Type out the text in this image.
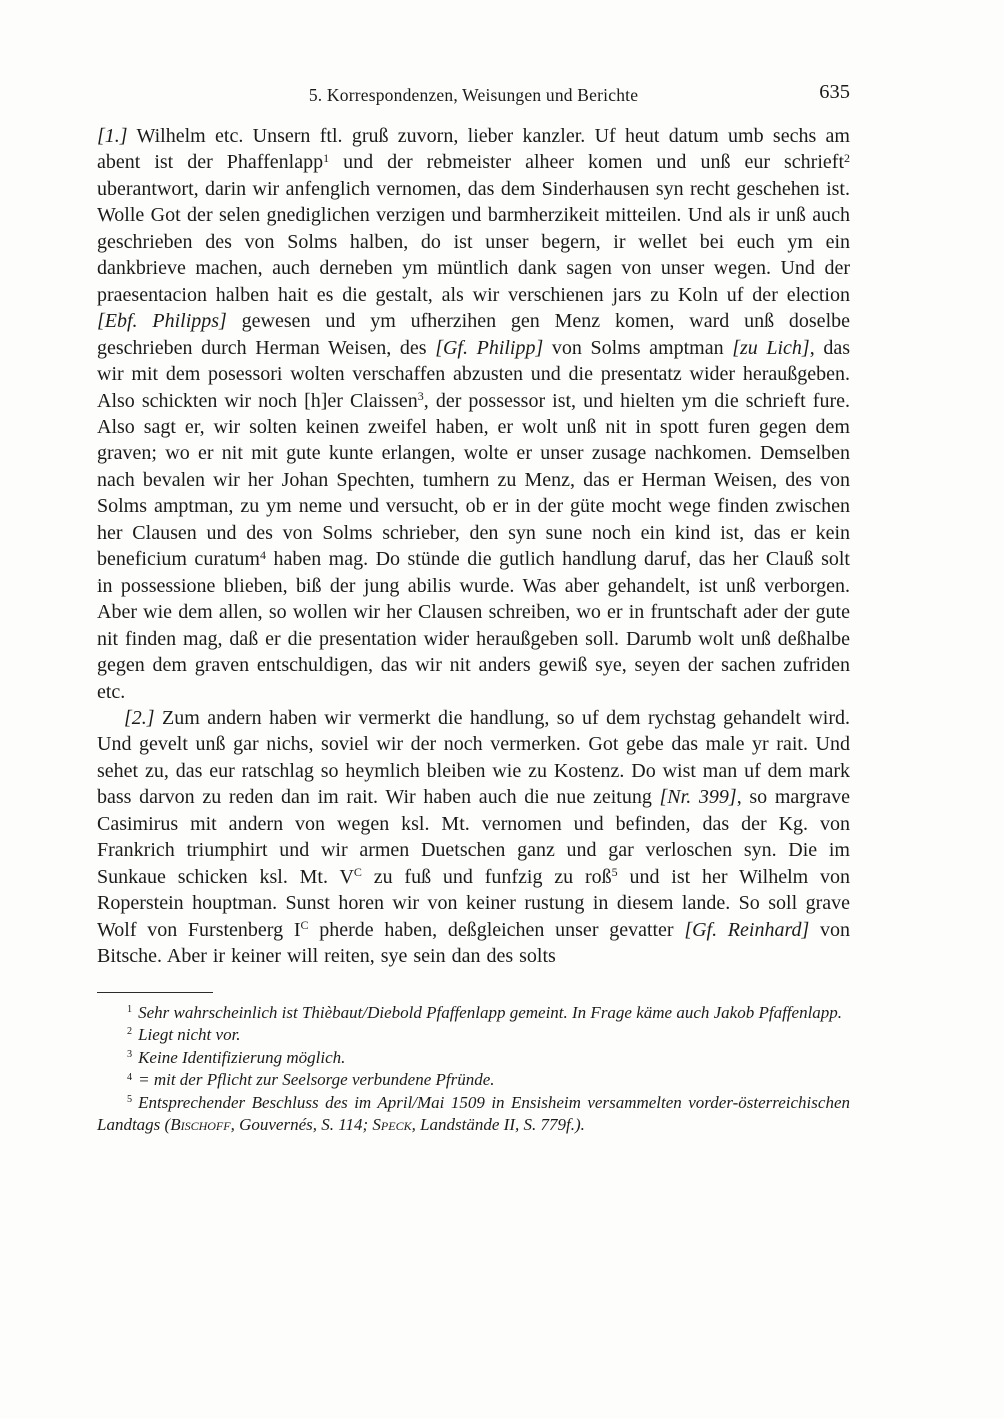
5. Korrespondenzen, Weisungen und Berichte	635

[1.] Wilhelm etc. Unsern ftl. gruß zuvorn, lieber kanzler. Uf heut datum umb sechs am abent ist der Phaffenlapp$^1$ und der rebmeister alheer komen und unß eur schrieft$^2$ uberantwort, darin wir anfenglich vernomen, das dem Sinderhausen syn recht geschehen ist. Wolle Got der selen gnediglichen verzigen und barmherzikeit mitteilen. Und als ir unß auch geschrieben des von Solms halben, do ist unser begern, ir wellet bei euch ym ein dankbrieve machen, auch derneben ym müntlich dank sagen von unser wegen. Und der praesentacion halben hait es die gestalt, als wir verschienen jars zu Koln uf der election [Ebf. Philipps] gewesen und ym ufherzihen gen Menz komen, ward unß doselbe geschrieben durch Herman Weisen, des [Gf. Philipp] von Solms amptman [zu Lich], das wir mit dem posessori wolten verschaffen abzusten und die presentatz wider heraußgeben. Also schickten wir noch [h]er Claissen$^3$, der possessor ist, und hielten ym die schrieft fure. Also sagt er, wir solten keinen zweifel haben, er wolt unß nit in spott furen gegen dem graven; wo er nit mit gute kunte erlangen, wolte er unser zusage nachkomen. Demselben nach bevalen wir her Johan Spechten, tumhern zu Menz, das er Herman Weisen, des von Solms amptman, zu ym neme und versucht, ob er in der güte mocht wege finden zwischen her Clausen und des von Solms schrieber, den syn sune noch ein kind ist, das er kein beneficium curatum$^4$ haben mag. Do stünde die gutlich handlung daruf, das her Clauß solt in possessione blieben, biß der jung abilis wurde. Was aber gehandelt, ist unß verborgen. Aber wie dem allen, so wollen wir her Clausen schreiben, wo er in fruntschaft ader der gute nit finden mag, daß er die presentation wider heraußgeben soll. Darumb wolt unß deßhalbe gegen dem graven entschuldigen, das wir nit anders gewiß sye, seyen der sachen zufriden etc.

[2.] Zum andern haben wir vermerkt die handlung, so uf dem rychstag gehandelt wird. Und gevelt unß gar nichs, soviel wir der noch vermerken. Got gebe das male yr rait. Und sehet zu, das eur ratschlag so heymlich bleiben wie zu Kostenz. Do wist man uf dem mark bass darvon zu reden dan im rait. Wir haben auch die nue zeitung [Nr. 399], so margrave Casimirus mit andern von wegen ksl. Mt. vernomen und befinden, das der Kg. von Frankrich triumphirt und wir armen Duetschen ganz und gar verloschen syn. Die im Sunkaue schicken ksl. Mt. $V^C$ zu fuß und funfzig zu roß$^5$ und ist her Wilhelm von Roperstein houptman. Sunst horen wir von keiner rustung in diesem lande. So soll grave Wolf von Furstenberg $I^C$ pherde haben, deßgleichen unser gevatter [Gf. Reinhard] von Bitsche. Aber ir keiner will reiten, sye sein dan des solts

$^1$ Sehr wahrscheinlich ist Thièbaut/Diebold Pfaffenlapp gemeint. In Frage käme auch Jakob Pfaffenlapp.

$^2$ Liegt nicht vor.

$^3$ Keine Identifizierung möglich.

$^4$ = mit der Pflicht zur Seelsorge verbundene Pfründe.

$^5$ Entsprechender Beschluss des im April/Mai 1509 in Ensisheim versammelten vorder-österreichischen Landtags (Bischoff, Gouvernés, S. 114; Speck, Landstände II, S. 779f.).
